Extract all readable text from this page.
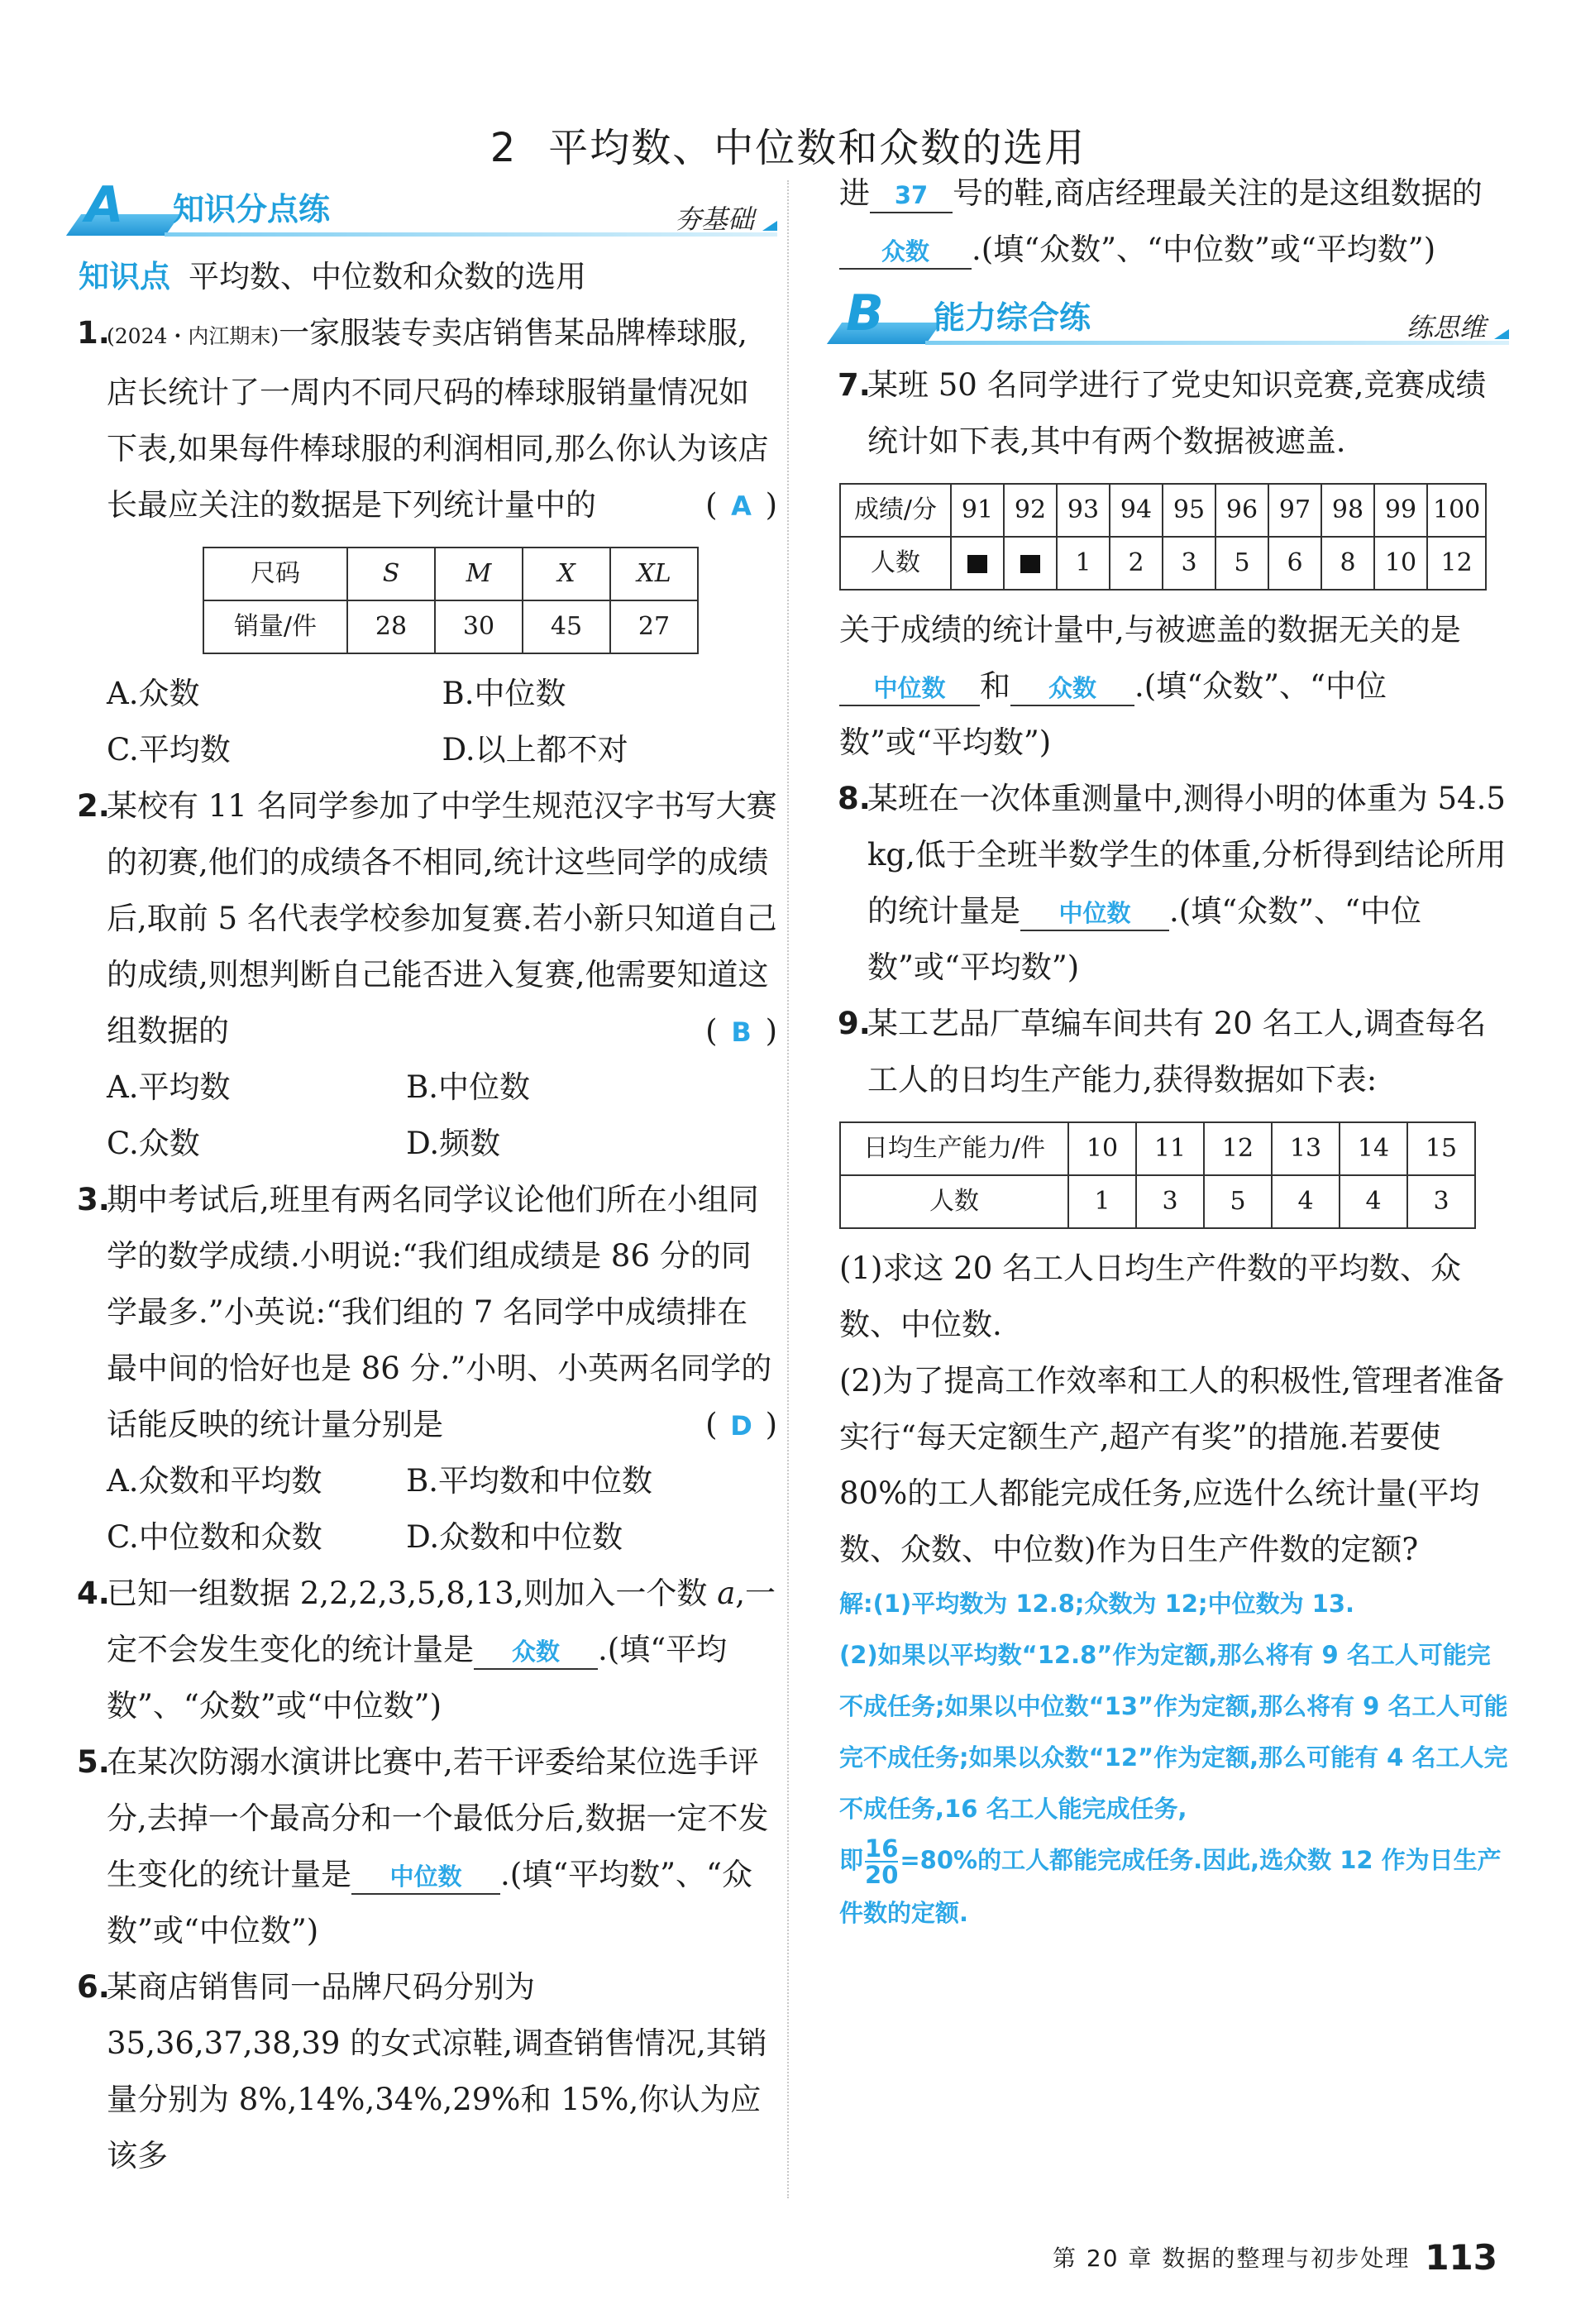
2 平均数、中位数和众数的选用
A 知识分点练	夯基础
知识点 平均数、中位数和众数的选用
1.
(2024・内江期末)一家服装专卖店销售某品牌棒球服,店长统计了一周内不同尺码的棒球服销量情况如下表,如果每件棒球服的利润相同,那么你认为该店长最应关注的数据是下列统计量中的	( A )
尺码	S	M	X	XL
销量/件	28	30	45	27
A.众数	B.中位数
C.平均数	D.以上都不对
2.
某校有 11 名同学参加了中学生规范汉字书写大赛的初赛,他们的成绩各不相同,统计这些同学的成绩后,取前 5 名代表学校参加复赛.若小新只知道自己的成绩,则想判断自己能否进入复赛,他需要知道这组数据的	( B )
A.平均数	B.中位数
C.众数	D.频数
3.
期中考试后,班里有两名同学议论他们所在小组同学的数学成绩.小明说:“我们组成绩是 86 分的同学最多.”小英说:“我们组的 7 名同学中成绩排在最中间的恰好也是 86 分.”小明、小英两名同学的话能反映的统计量分别是	( D )
A.众数和平均数	B.平均数和中位数
C.中位数和众数	D.众数和中位数
4.
已知一组数据 2,2,2,3,5,8,13,则加入一个数 a,一定不会发生变化的统计量是 众数 .(填“平均数”、“众数”或“中位数”)
5.
在某次防溺水演讲比赛中,若干评委给某位选手评分,去掉一个最高分和一个最低分后,数据一定不发生变化的统计量是 中位数 .(填“平均数”、“众数”或“中位数”)
6.
某商店销售同一品牌尺码分别为 35,36,37,38,39 的女式凉鞋,调查销售情况,其销量分别为 8%,14%,34%,29%和 15%,你认为应该多
进 37 号的鞋,商店经理最关注的是这组数据的众数 .(填“众数”、“中位数”或“平均数”)
B 能力综合练	练思维
7.
某班 50 名同学进行了党史知识竞赛,竞赛成绩统计如下表,其中有两个数据被遮盖.
成绩/分	91	92	93	94	95	96	97	98	99	100
人数			1	2	3	5	6	8	10	12
关于成绩的统计量中,与被遮盖的数据无关的是中位数 和 众数 .(填“众数”、“中位数”或“平均数”)
8.
某班在一次体重测量中,测得小明的体重为 54.5 kg,低于全班半数学生的体重,分析得到结论所用的统计量是 中位数 .(填“众数”、“中位数”或“平均数”)
9.
某工艺品厂草编车间共有 20 名工人,调查每名工人的日均生产能力,获得数据如下表:
日均生产能力/件	10	11	12	13	14	15
人数	1	3	5	4	4	3
(1)求这 20 名工人日均生产件数的平均数、众数、中位数.
(2)为了提高工作效率和工人的积极性,管理者准备实行“每天定额生产,超产有奖”的措施.若要使 80%的工人都能完成任务,应选什么统计量(平均数、众数、中位数)作为日生产件数的定额?
解:(1)平均数为 12.8;众数为 12;中位数为 13.
(2)如果以平均数“12.8”作为定额,那么将有 9 名工人可能完不成任务;如果以中位数“13”作为定额,那么将有 9 名工人可能完不成任务;如果以众数“12”作为定额,那么可能有 4 名工人完不成任务,16 名工人能完成任务,
即 $\frac{16}{20} =80\%$的工人都能完成任务.因此,选众数 12 作为日生产件数的定额.
第 20 章 数据的整理与初步处理 113
